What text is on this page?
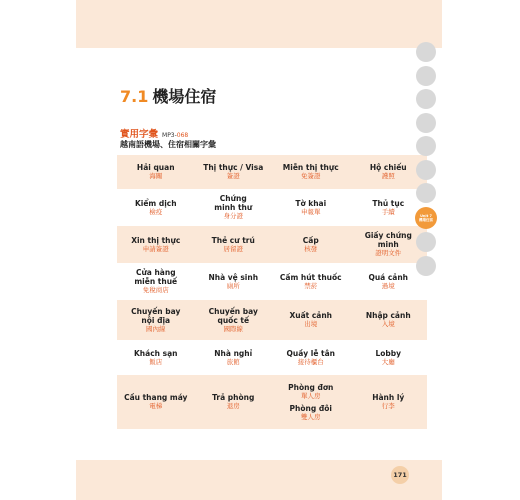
7.1 機場住宿
實用字彙 MP3-068
越南語機場、住宿相關字彙
Hải quan
海關
Thị thực / Visa
簽證
Miễn thị thực
免簽證
Hộ chiếu
護照
Kiểm dịch
檢疫
Chứng minh thư
身分證
Tờ khai
申報單
Thủ tục
手續
Xin thị thực
申請簽證
Thẻ cư trú
居留證
Cấp
核發
Giấy chứng minh
證明文件
Cửa hàng miễn thuế
免稅商店
Nhà vệ sinh
廁所
Cấm hút thuốc
禁菸
Quá cảnh
過境
Chuyến bay nội địa
國內線
Chuyến bay quốc tế
國際線
Xuất cảnh
出境
Nhập cảnh
入境
Khách sạn
飯店
Nhà nghỉ
旅館
Quầy lễ tân
接待櫃台
Lobby
大廳
Cầu thang máy
電梯
Trả phòng
退房
Phòng đơn
單人房
Phòng đôi
雙人房
Hành lý
行李
Unit 7
機場住宿
171
